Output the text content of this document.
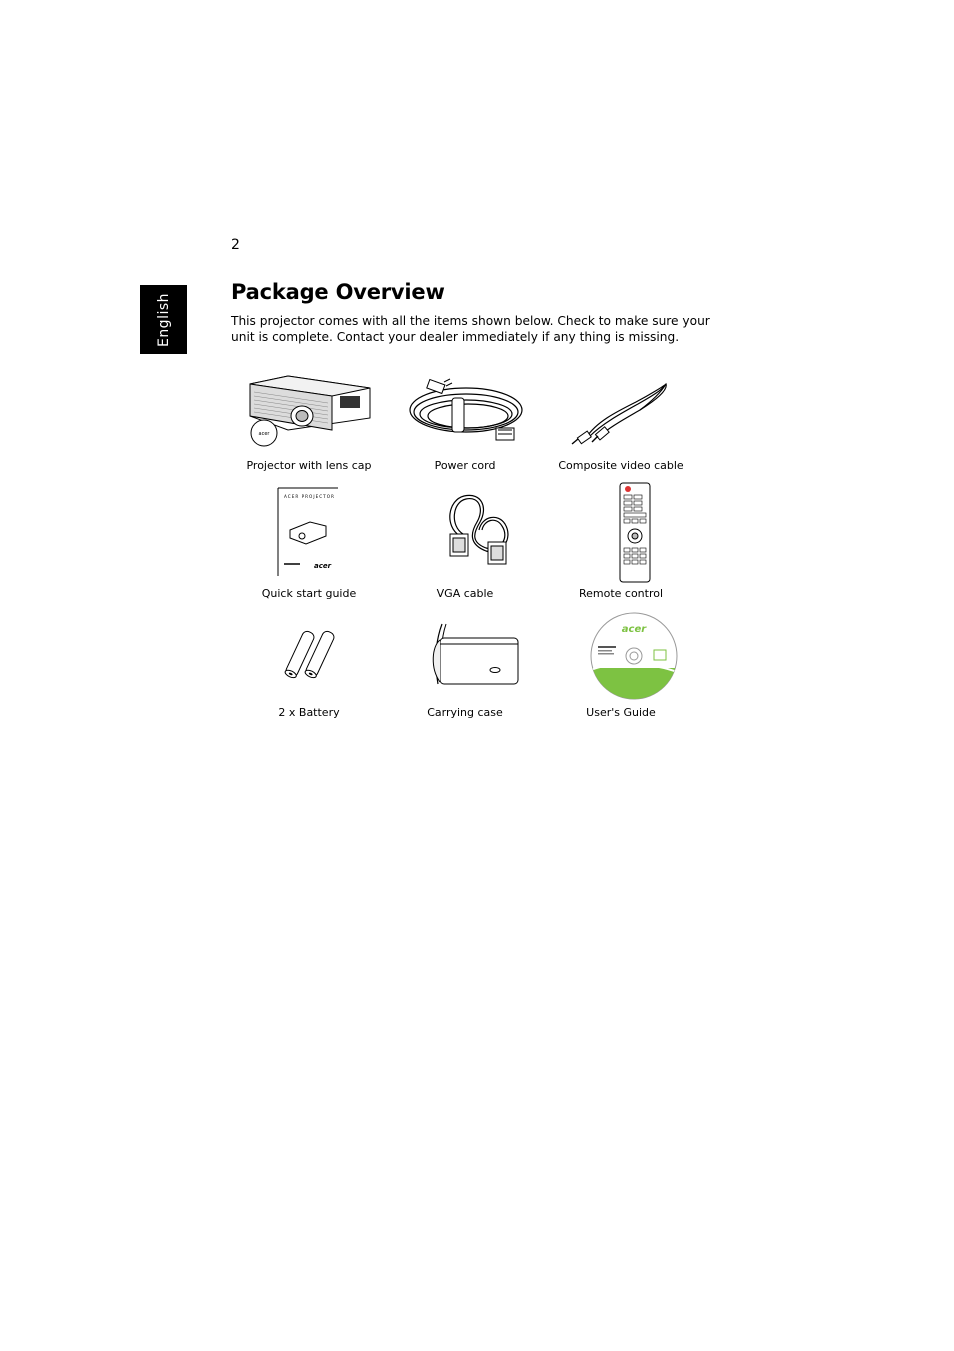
2
English
Package Overview

This projector comes with all the items shown below. Check to make sure your unit is complete. Contact your dealer immediately if any thing is missing.

acer
Projector with lens cap	Power cord	Composite video cable
ACER PROJECTOR
acer
Quick start guide	VGA cable	Remote control
2 x Battery	Carrying case
acer
User's Guide
